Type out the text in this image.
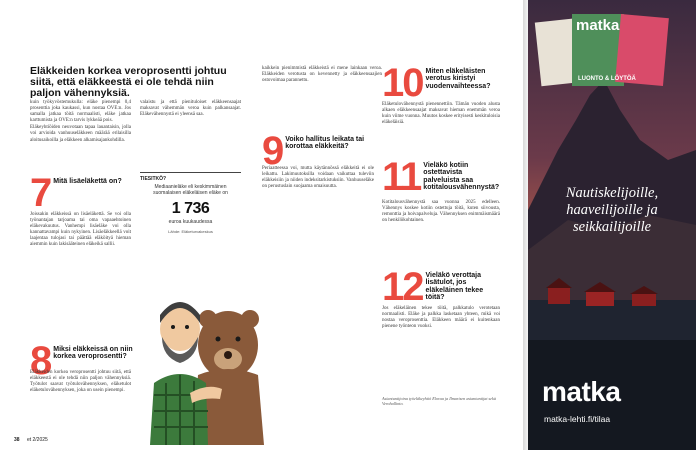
Eläkkeiden korkea veroprosentti johtuu siitä, että eläkkeestä ei ole tehdä niin paljon vähennyksiä.

kuin työkyvöstemukulla: eläke pienempi 0,4 prosenttia joka kaukassi, kun nostaa OVE:n. Jos samalla jatkaa töitä normaalisti, eläke jatkaa karttumista ja OVE:n tarvis lykkeää pois.

Eläkeyhtiöiden neuvotaan tapaa lauantaisin, jolla voi arvioida vanhuuseläkkeen määrää erilaisilla aloitusaikoilla ja eläkkeen alkamisajankohdilla.

7 Mitä lisäeläkettä on?

Joissakin eläkkeissä on lisäeläkettä. Se voi olla työnantajan tarjoama tai oma vapaaehtoinen eläkevakuutus. Vanhempi lisäeläke voi olla kannattavampi kuin nykyinen. Lisäeläkkeellä voit laajentaa tulojasi tai päättää eläköityä hieman aiemmin kuin lakisääteinen eläkeikä sallii.

8 Miksi eläkkeissä on niin korkea veroprosentti?

Eläkkeiden korkea veroprosentti johtuu siitä, että eläkkeestä ei ole tehdä niin paljon vähennyksiä. Työtulot saavat työtulovähennyksen, eläketulot eläketulovähennyksen, joka on usein pienempi.

valaistu ja että pienituloiset eläkkeensaajat maksavat vähemmän veroa kuin palkansaajat. Eläkevähennystä ei yleensä saa.

TIESITKÖ?
Mediaanieläke eli keskimmäinen suomalaisen eläkeläisen eläke on
1 736
euroa kuukaudessa
Lähde: Eläketurvakeskus

kaikkein pienimmistä eläkkeistä ei mene lainkaan veroa. Eläkkeiden verotusta on kevennetty ja eläkkeensaajien ostovoimaa parannettu.

9 Voiko hallitus leikata tai korottaa eläkkeitä?

Periaatteessa voi, mutta käytännössä eläkkeitä ei ole leikattu. Lakimuutoksilla voidaan vaikuttaa tuleviin eläkkeisiin ja niiden indeksitarkistuksiin. Vanhuuseläke on perustuslain suojaama omaisuutta.

10 Miten eläkeläisten verotus kiristyi vuodenvaihteessa?

Eläketulovähennystä pienennettiin. Tämän vuoden alusta alkaen eläkkeensaajat maksavat hieman enemmän veroa kuin viime vuonna. Muutos koskee erityisesti keskituloisia eläkeläisiä.

11 Vieläkö kotiin ostettavista palveluista saa kotitalousvähennystä?

Kotitalousvähennystä saa vuonna 2025 edelleen. Vähennys koskee kotiin ostettuja töitä, kuten siivousta, remonttia ja hoivapalveluja. Vähennyksen enimmäismäärä on henkilökohtainen.

12 Vieläkö verottaja lisätulot, jos eläkeläinen tekee töitä?

Jos eläkeläinen tekee töitä, palkkatulo verotetaan normaalisti. Eläke ja palkka lasketaan yhteen, mikä voi nostaa veroprosenttia. Eläkkeen määrä ei kuitenkaan pienene työnteon vuoksi.

Asiantuntijoina työeläkeyhtiö Eloraa ja Ilmarisen asiantuntijat sekä Verohallinto.

38 et 2/2025
matka
LUONTO & LÖYTÖÄ
Nautiskelijoille, haaveilijoille ja seikkailijoille
matka
matka-lehti.fi/tilaa
